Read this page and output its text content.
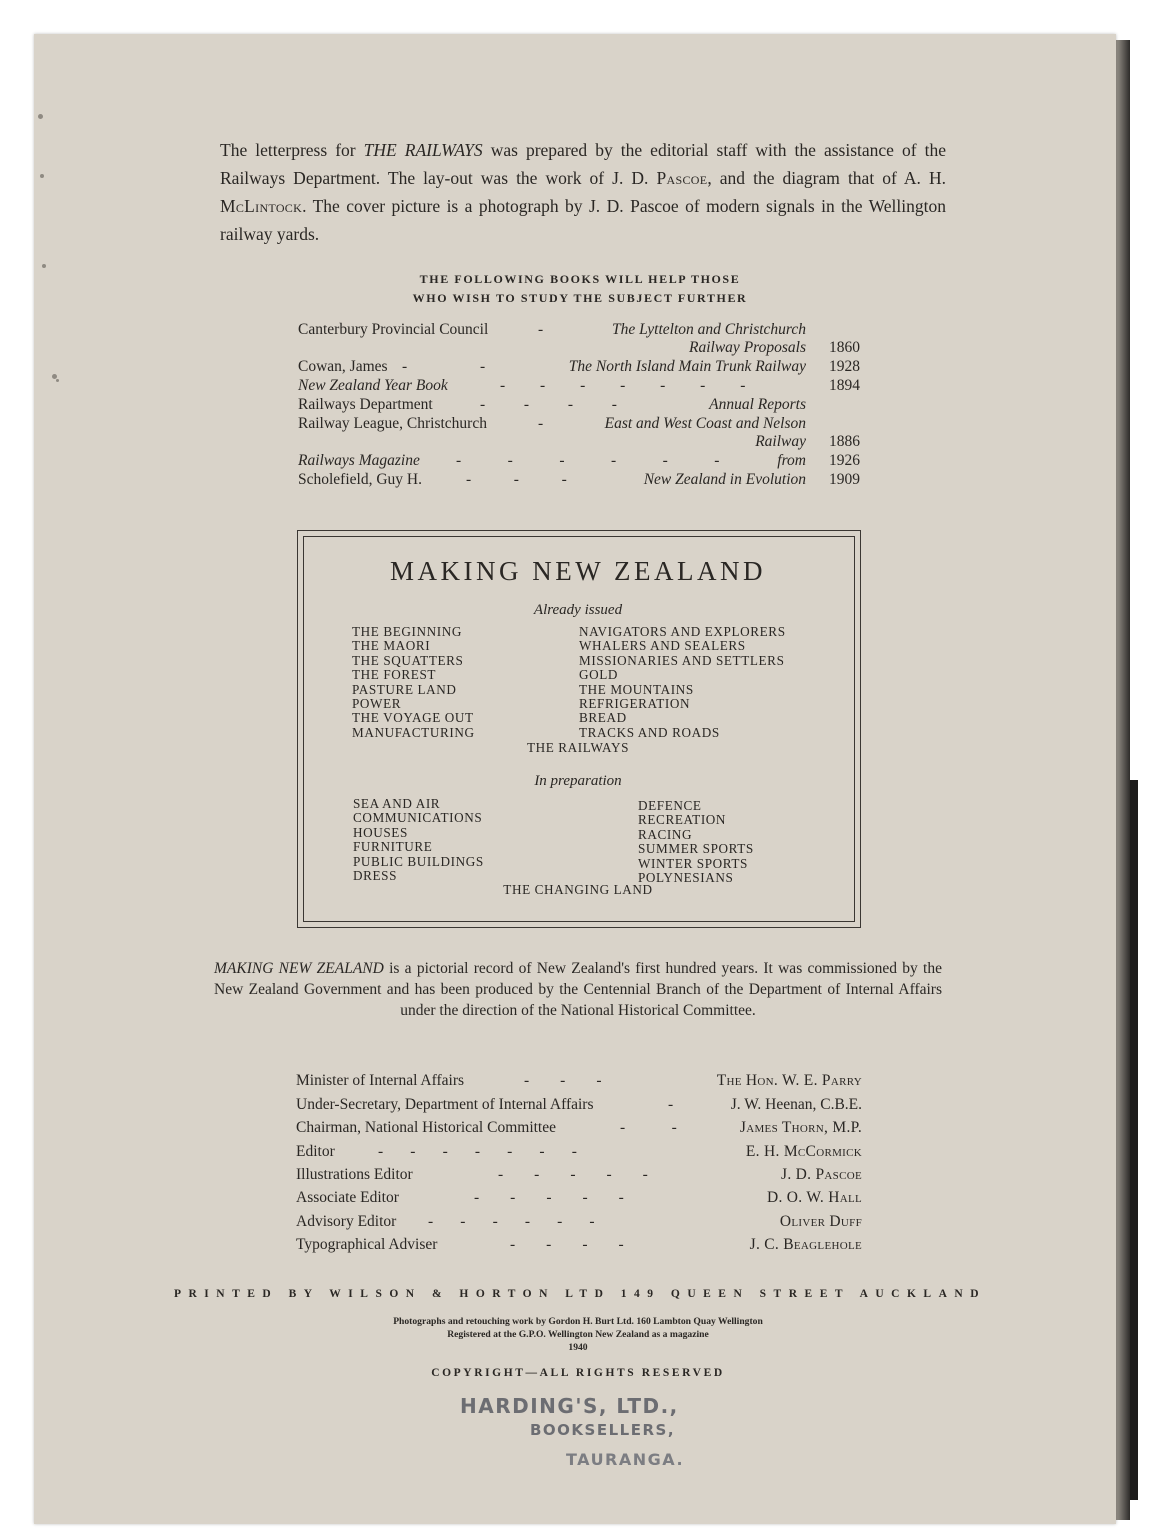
The letterpress for THE RAILWAYS was prepared by the editorial staff with the assistance of the Railways Department. The lay-out was the work of J. D. Pascoe, and the diagram that of A. H. McLintock. The cover picture is a photograph by J. D. Pascoe of modern signals in the Wellington railway yards.
THE FOLLOWING BOOKS WILL HELP THOSE
WHO WISH TO STUDY THE SUBJECT FURTHER
Canterbury Provincial Council	-	The Lyttelton and Christchurch
Railway Proposals 1860
Cowan, James -	-	The North Island Main Trunk Railway 1928
New Zealand Year Book	-         -         -         -         -         -         -	1894
Railways Department	-          -          -          -	Annual Reports
Railway League, Christchurch	-	East and West Coast and Nelson
Railway 1886
Railways Magazine -            -            -            -            -            -	from 1926
Scholefield, Guy H.	-           -           -	New Zealand in Evolution 1909
MAKING NEW ZEALAND
Already issued
THE BEGINNING
THE MAORI
THE SQUATTERS
THE FOREST
PASTURE LAND
POWER
THE VOYAGE OUT
MANUFACTURING
NAVIGATORS AND EXPLORERS
WHALERS AND SEALERS
MISSIONARIES AND SETTLERS
GOLD
THE MOUNTAINS
REFRIGERATION
BREAD
TRACKS AND ROADS
THE RAILWAYS
In preparation
SEA AND AIR
COMMUNICATIONS
HOUSES
FURNITURE
PUBLIC BUILDINGS
DRESS
DEFENCE
RECREATION
RACING
SUMMER SPORTS
WINTER SPORTS
POLYNESIANS
THE CHANGING LAND
MAKING NEW ZEALAND is a pictorial record of New Zealand's first hundred years. It was commissioned by the New Zealand Government and has been produced by the Centennial Branch of the Department of Internal Affairs under the direction of the National Historical Committee.
Minister of Internal Affairs	-        -        -	The Hon. W. E. Parry
Under-Secretary, Department of Internal Affairs	-	J. W. Heenan, C.B.E.
Chairman, National Historical Committee	-            -	James Thorn, M.P.
Editor	-       -       -       -       -       -       -	E. H. McCormick
Illustrations Editor	-        -        -        -        -	J. D. Pascoe
Associate Editor	-        -        -        -        -	D. O. W. Hall
Advisory Editor -       -       -       -       -       -	Oliver Duff
Typographical Adviser	-        -        -        -	J. C. Beaglehole
PRINTED BY WILSON & HORTON LTD 149 QUEEN STREET AUCKLAND
Photographs and retouching work by Gordon H. Burt Ltd. 160 Lambton Quay Wellington
Registered at the G.P.O. Wellington New Zealand as a magazine
1940
COPYRIGHT—ALL RIGHTS RESERVED
HARDING'S, LTD.,
BOOKSELLERS,
TAURANGA.
